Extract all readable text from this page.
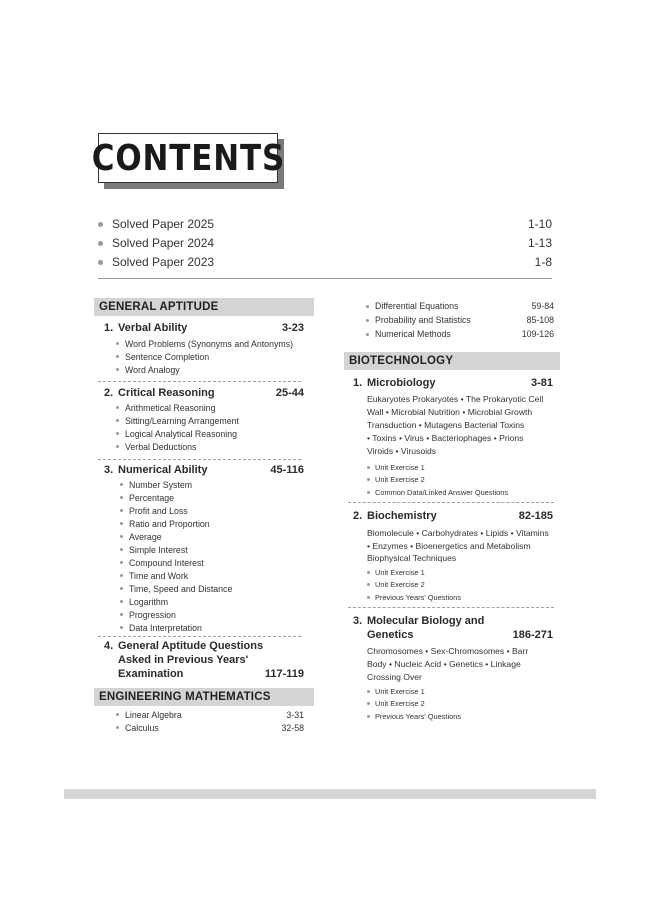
CONTENTS
Solved Paper 2025	1-10
Solved Paper 2024	1-13
Solved Paper 2023	1-8
GENERAL APTITUDE
1. Verbal Ability	3-23
Word Problems (Synonyms and Antonyms)
Sentence Completion
Word Analogy
2. Critical Reasoning	25-44
Arithmetical Reasoning
Sitting/Learning Arrangement
Logical Analytical Reasoning
Verbal Deductions
3. Numerical Ability	45-116
Number System
Percentage
Profit and Loss
Ratio and Proportion
Average
Simple Interest
Compound Interest
Time and Work
Time, Speed and Distance
Logarithm
Progression
Data Interpretation
4. General Aptitude Questions
Asked in Previous Years'
Examination	117-119
ENGINEERING MATHEMATICS
Linear Algebra	3-31
Calculus	32-58
Differential Equations	59-84
Probability and Statistics	85-108
Numerical Methods	109-126
BIOTECHNOLOGY
1. Microbiology	3-81
Eukaryotes Prokaryotes • The Prokaryotic Cell
Wall • Microbial Nutrition • Microbial Growth
Transduction • Mutagens Bacterial Toxins
• Toxins • Virus • Bacteriophages • Prions
Viroids • Virusoids
Unit Exercise 1
Unit Exercise 2
Common Data/Linked Answer Questions
2. Biochemistry	82-185
Biomolecule • Carbohydrates • Lipids • Vitamins
• Enzymes • Bioenergetics and Metabolism
Biophysical Techniques
Unit Exercise 1
Unit Exercise 2
Previous Years' Questions
3. Molecular Biology and
Genetics	186-271
Chromosomes • Sex-Chromosomes • Barr
Body • Nucleic Acid • Genetics • Linkage
Crossing Over
Unit Exercise 1
Unit Exercise 2
Previous Years' Questions
